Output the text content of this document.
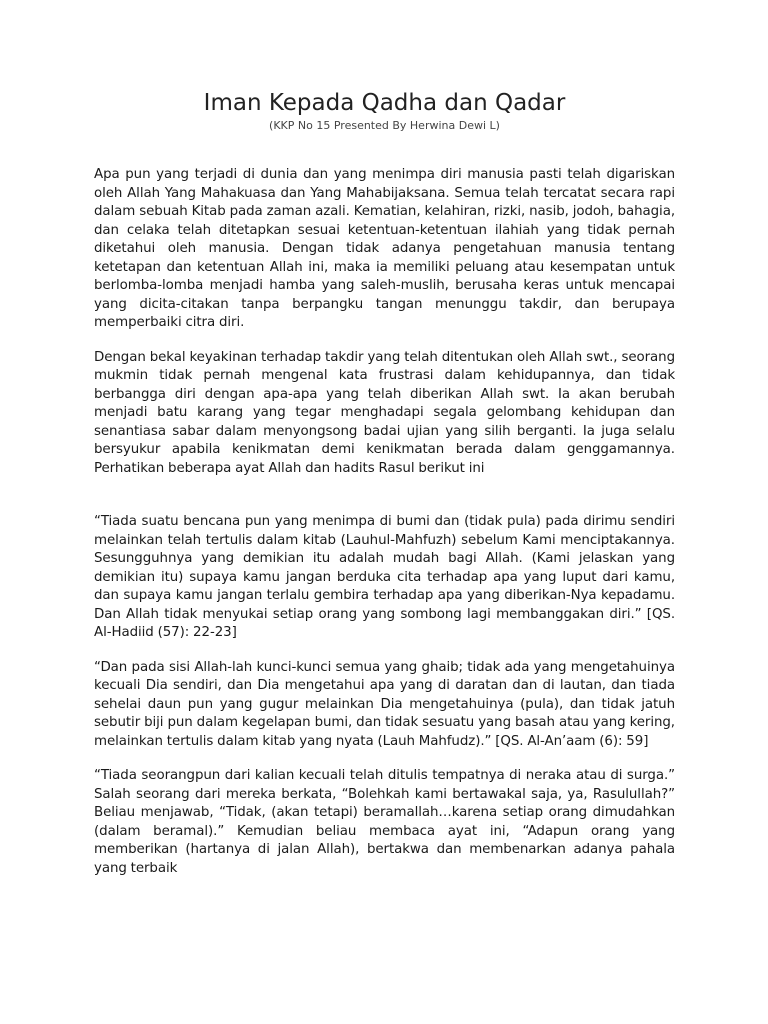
Iman Kepada Qadha dan Qadar
(KKP No 15 Presented By Herwina Dewi L)

Apa pun yang terjadi di dunia dan yang menimpa diri manusia pasti telah digariskan oleh Allah Yang Mahakuasa dan Yang Mahabijaksana. Semua telah tercatat secara rapi dalam sebuah Kitab pada zaman azali. Kematian, kelahiran, rizki, nasib, jodoh, bahagia, dan celaka telah ditetapkan sesuai ketentuan-ketentuan ilahiah yang tidak pernah diketahui oleh manusia. Dengan tidak adanya pengetahuan manusia tentang ketetapan dan ketentuan Allah ini, maka ia memiliki peluang atau kesempatan untuk berlomba-lomba menjadi hamba yang saleh-muslih, berusaha keras untuk mencapai yang dicita-citakan tanpa berpangku tangan menunggu takdir, dan berupaya memperbaiki citra diri.

Dengan bekal keyakinan terhadap takdir yang telah ditentukan oleh Allah swt., seorang mukmin tidak pernah mengenal kata frustrasi dalam kehidupannya, dan tidak berbangga diri dengan apa-apa yang telah diberikan Allah swt. Ia akan berubah menjadi batu karang yang tegar menghadapi segala gelombang kehidupan dan senantiasa sabar dalam menyongsong badai ujian yang silih berganti. Ia juga selalu bersyukur apabila kenikmatan demi kenikmatan berada dalam genggamannya. Perhatikan beberapa ayat Allah dan hadits Rasul berikut ini

“Tiada suatu bencana pun yang menimpa di bumi dan (tidak pula) pada dirimu sendiri melainkan telah tertulis dalam kitab (Lauhul-Mahfuzh) sebelum Kami menciptakannya. Sesungguhnya yang demikian itu adalah mudah bagi Allah. (Kami jelaskan yang demikian itu) supaya kamu jangan berduka cita terhadap apa yang luput dari kamu, dan supaya kamu jangan terlalu gembira terhadap apa yang diberikan-Nya kepadamu. Dan Allah tidak menyukai setiap orang yang sombong lagi membanggakan diri.” [QS. Al-Hadiid (57): 22-23]

“Dan pada sisi Allah-lah kunci-kunci semua yang ghaib; tidak ada yang mengetahuinya kecuali Dia sendiri, dan Dia mengetahui apa yang di daratan dan di lautan, dan tiada sehelai daun pun yang gugur melainkan Dia mengetahuinya (pula), dan tidak jatuh sebutir biji pun dalam kegelapan bumi, dan tidak sesuatu yang basah atau yang kering, melainkan tertulis dalam kitab yang nyata (Lauh Mahfudz).” [QS. Al-An’aam (6): 59]

“Tiada seorangpun dari kalian kecuali telah ditulis tempatnya di neraka atau di surga.” Salah seorang dari mereka berkata, “Bolehkah kami bertawakal saja, ya, Rasulullah?” Beliau menjawab, “Tidak, (akan tetapi) beramallah…karena setiap orang dimudahkan (dalam beramal).” Kemudian beliau membaca ayat ini, “Adapun orang yang memberikan (hartanya di jalan Allah), bertakwa dan membenarkan adanya pahala yang terbaik
